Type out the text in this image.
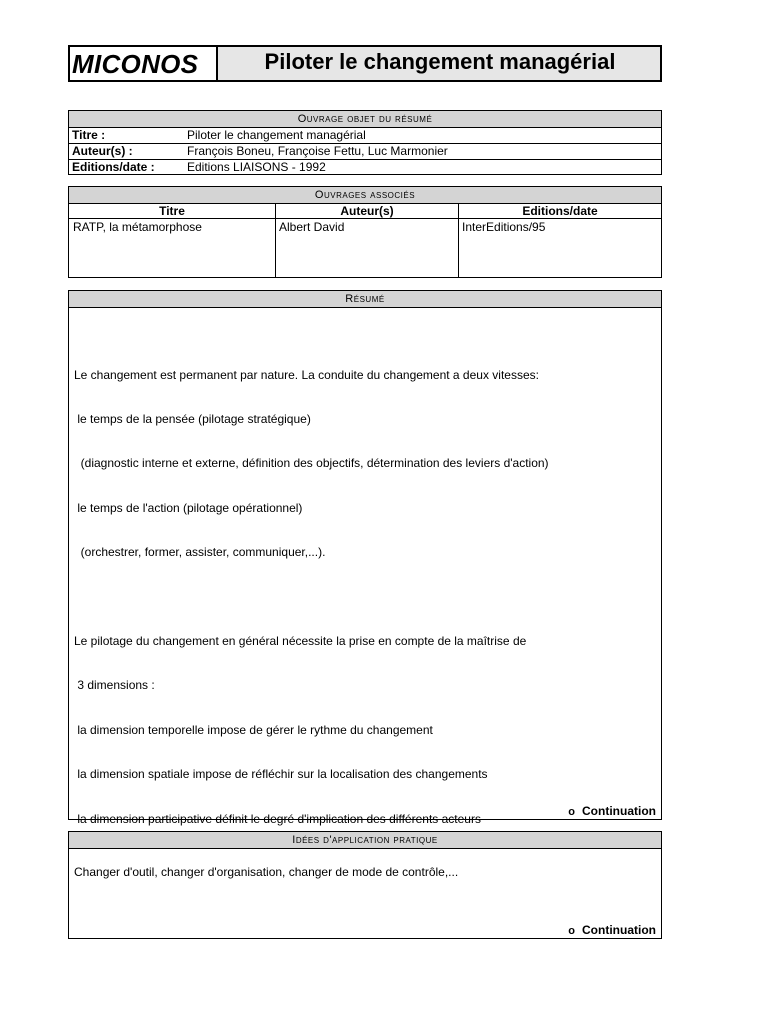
MICONOS	Piloter le changement managérial
Ouvrage objet du résumé
Titre :	Piloter le changement managérial
Auteur(s) :	François Boneu, Françoise Fettu, Luc Marmonier
Editions/date :	Editions LIAISONS - 1992
Ouvrages associés
Titre	Auteur(s)	Editions/date
RATP, la métamorphose	Albert David	InterEditions/95
Résumé

Le changement est permanent par nature. La conduite du changement a deux vitesses:

le temps de la pensée (pilotage stratégique)

(diagnostic interne et externe, définition des objectifs, détermination des leviers d'action)

le temps de l'action (pilotage opérationnel)

(orchestrer, former, assister, communiquer,...).

Le pilotage du changement en général nécessite la prise en compte de la maîtrise de

3 dimensions :

la dimension temporelle impose de gérer le rythme du changement

la dimension spatiale impose de réfléchir sur la localisation des changements

la dimension participative définit le degré d'implication des différents acteurs

	o Continuation
Idées d'application pratique
Changer d'outil, changer d'organisation, changer de mode de contrôle,...
o Continuation
